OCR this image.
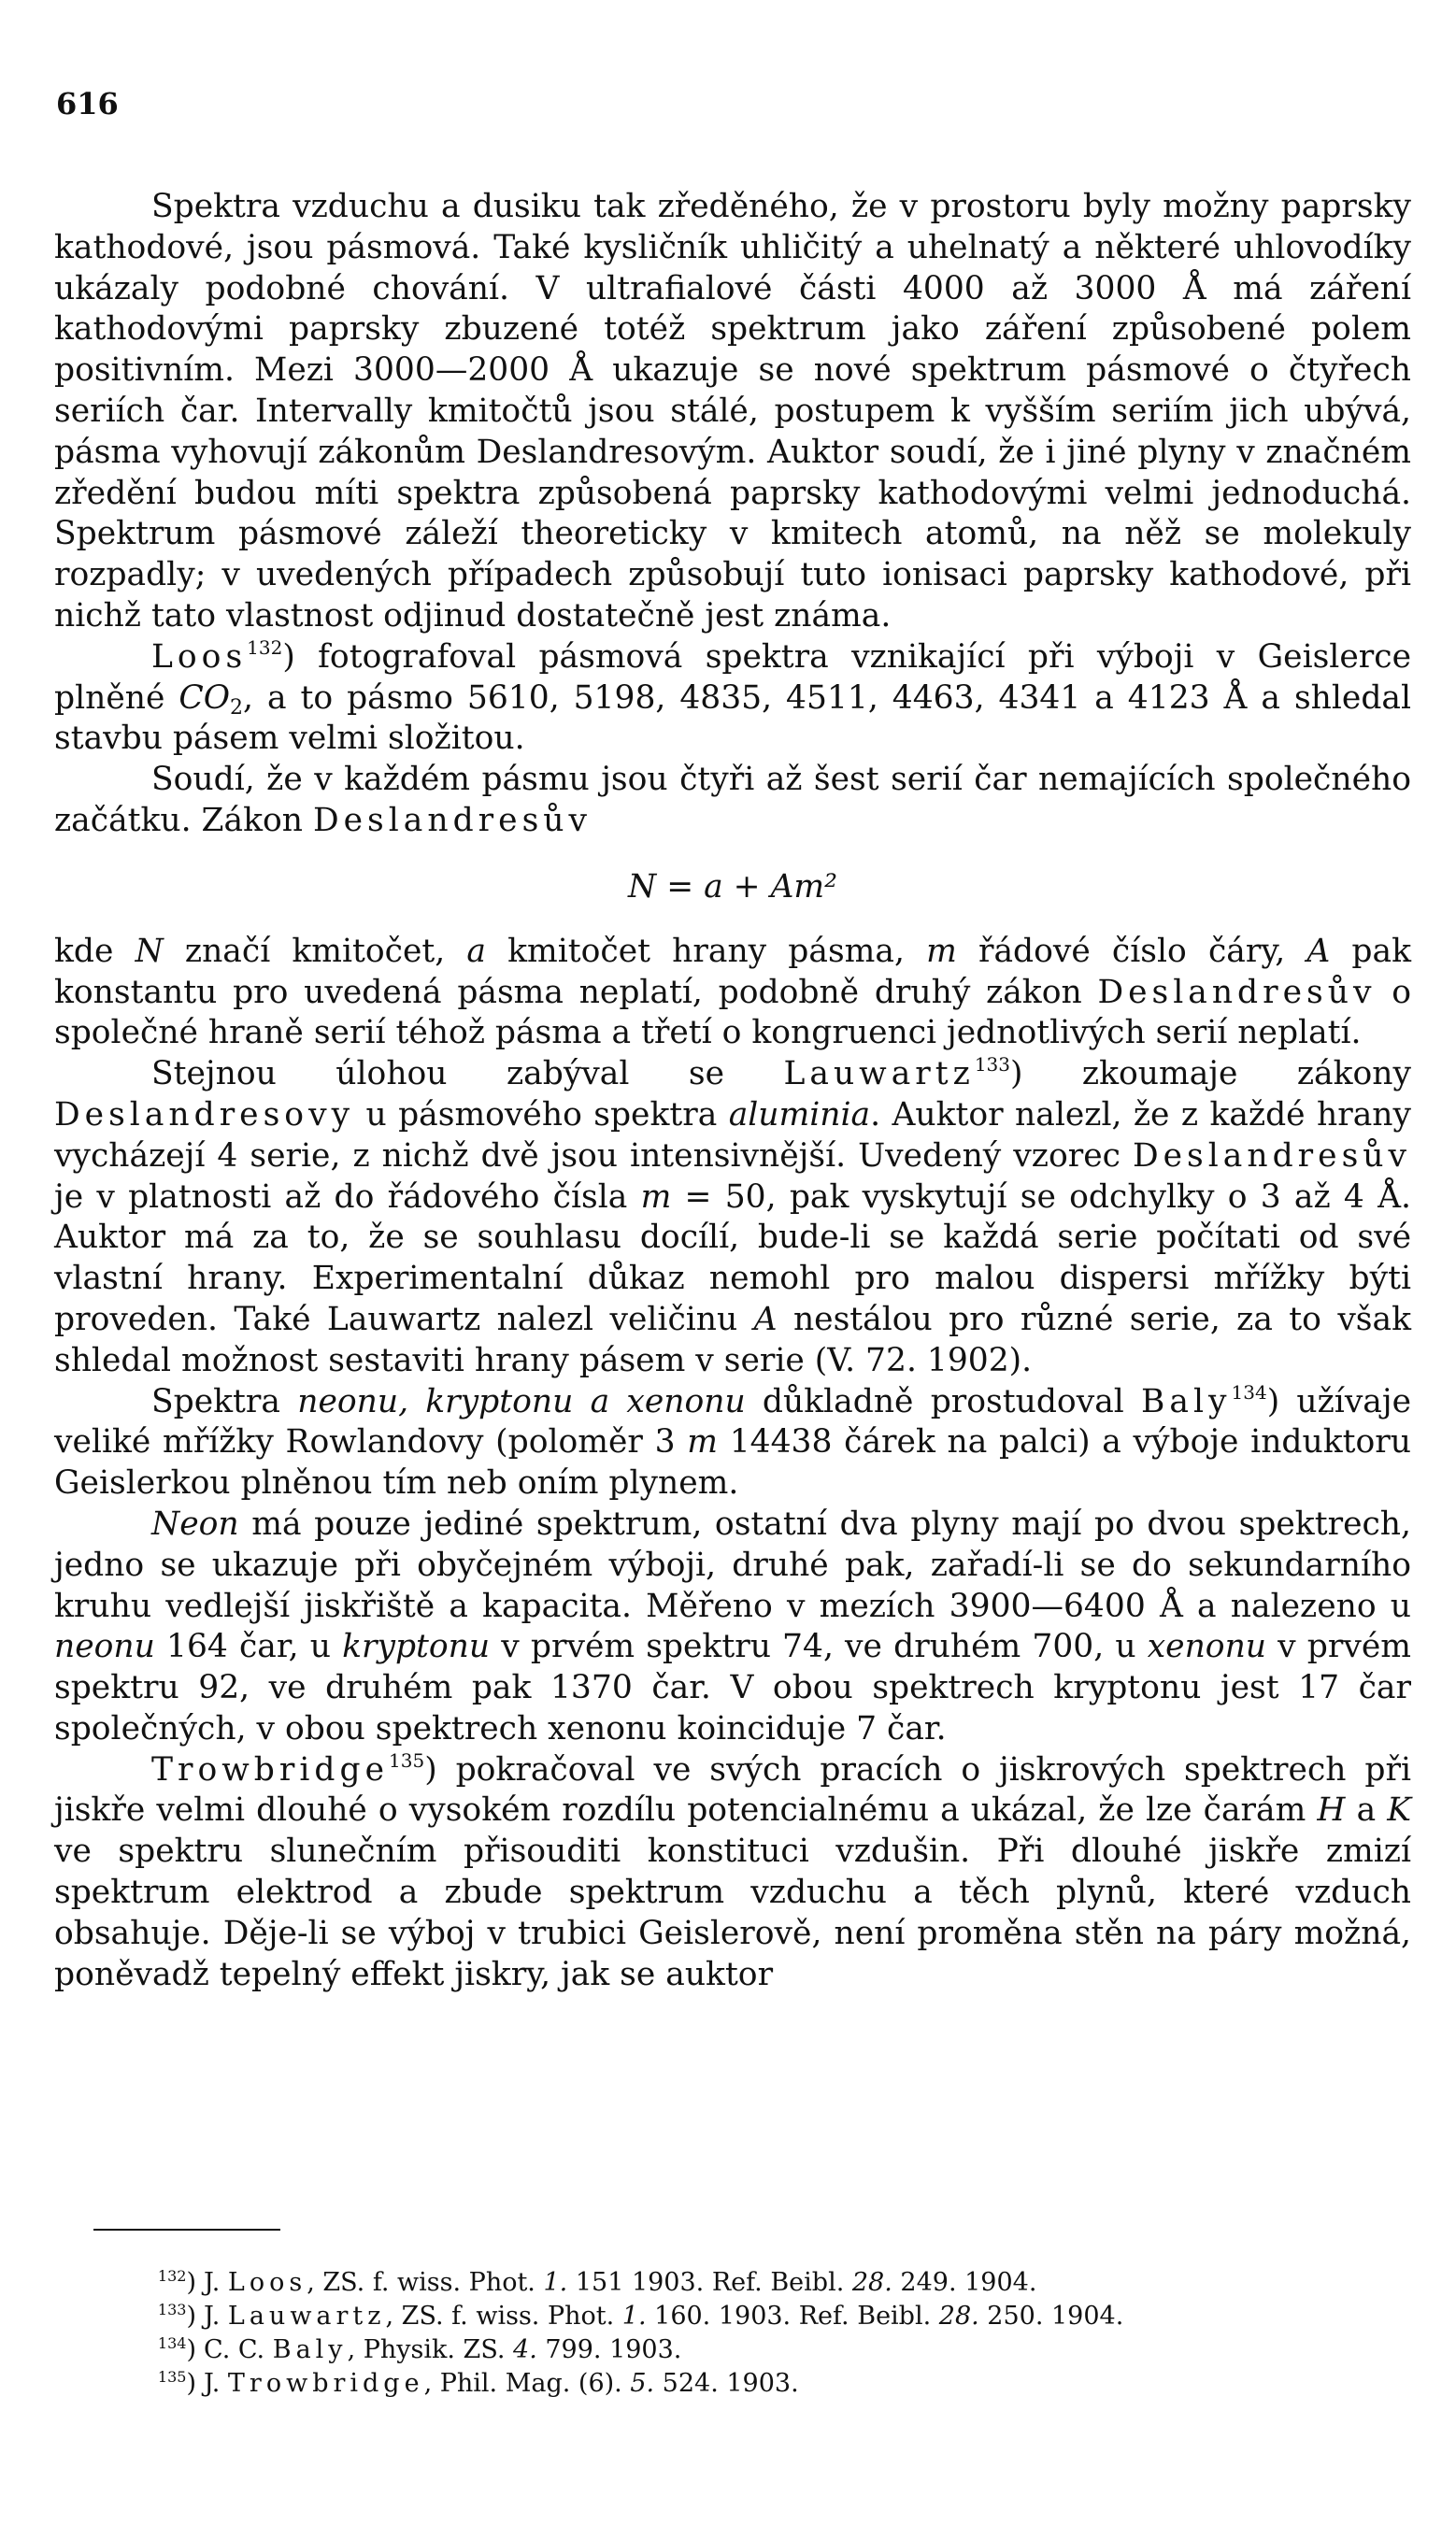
616

Spektra vzduchu a dusiku tak zředěného, že v prostoru byly možny paprsky kathodové, jsou pásmová. Také kysličník uhličitý a uhelnatý a některé uhlovodíky ukázaly podobné chování. V ultrafialové části 4000 až 3000 Å má záření kathodovými paprsky zbuzené totéž spektrum jako záření způsobené polem positivním. Mezi 3000—2000 Å ukazuje se nové spektrum pásmové o čtyřech seriích čar. Intervally kmitočtů jsou stálé, postupem k vyšším seriím jich ubývá, pásma vyhovují zákonům Deslandresovým. Auktor soudí, že i jiné plyny v značném zředění budou míti spektra způsobená paprsky kathodovými velmi jednoduchá. Spektrum pásmové záleží theoreticky v kmitech atomů, na něž se molekuly rozpadly; v uvedených případech způsobují tuto ionisaci paprsky kathodové, při nichž tato vlastnost odjinud dostatečně jest známa.

Loos$^{132}$) fotografoval pásmová spektra vznikající při výboji v Geislerce plněné $CO_2$, a to pásmo 5610, 5198, 4835, 4511, 4463, 4341 a 4123 Å a shledal stavbu pásem velmi složitou.

Soudí, že v každém pásmu jsou čtyři až šest serií čar nemajících společného začátku. Zákon Deslandresův

N = a + Am²

kde N značí kmitočet, a kmitočet hrany pásma, m řádové číslo čáry, A pak konstantu pro uvedená pásma neplatí, podobně druhý zákon Deslandresův o společné hraně serií téhož pásma a třetí o kongruenci jednotlivých serií neplatí.

Stejnou úlohou zabýval se Lauwartz$^{133}$) zkoumaje zákony Deslandresovy u pásmového spektra aluminia. Auktor nalezl, že z každé hrany vycházejí 4 serie, z nichž dvě jsou intensivnější. Uvedený vzorec Deslandresův je v platnosti až do řádového čísla m = 50, pak vyskytují se odchylky o 3 až 4 Å. Auktor má za to, že se souhlasu docílí, bude-li se každá serie počítati od své vlastní hrany. Experimentalní důkaz nemohl pro malou dispersi mřížky býti proveden. Také Lauwartz nalezl veličinu A nestálou pro různé serie, za to však shledal možnost sestaviti hrany pásem v serie (V. 72. 1902).

Spektra neonu, kryptonu a xenonu důkladně prostudoval Baly$^{134}$) užívaje veliké mřížky Rowlandovy (poloměr 3 m 14438 čárek na palci) a výboje induktoru Geislerkou plněnou tím neb oním plynem.

Neon má pouze jediné spektrum, ostatní dva plyny mají po dvou spektrech, jedno se ukazuje při obyčejném výboji, druhé pak, zařadí-li se do sekundarního kruhu vedlejší jiskřiště a kapacita. Měřeno v mezích 3900—6400 Å a nalezeno u neonu 164 čar, u kryptonu v prvém spektru 74, ve druhém 700, u xenonu v prvém spektru 92, ve druhém pak 1370 čar. V obou spektrech kryptonu jest 17 čar společných, v obou spektrech xenonu koinciduje 7 čar.

Trowbridge$^{135}$) pokračoval ve svých pracích o jiskrových spektrech při jiskře velmi dlouhé o vysokém rozdílu potencialnému a ukázal, že lze čarám H a K ve spektru slunečním přisouditi konstituci vzdušin. Při dlouhé jiskře zmizí spektrum elektrod a zbude spektrum vzduchu a těch plynů, které vzduch obsahuje. Děje-li se výboj v trubici Geislerově, není proměna stěn na páry možná, poněvadž tepelný effekt jiskry, jak se auktor

$^{132}$) J. Loos, ZS. f. wiss. Phot. 1. 151 1903. Ref. Beibl. 28. 249. 1904.

$^{133}$) J. Lauwartz, ZS. f. wiss. Phot. 1. 160. 1903. Ref. Beibl. 28. 250. 1904.

$^{134}$) C. C. Baly, Physik. ZS. 4. 799. 1903.

$^{135}$) J. Trowbridge, Phil. Mag. (6). 5. 524. 1903.
